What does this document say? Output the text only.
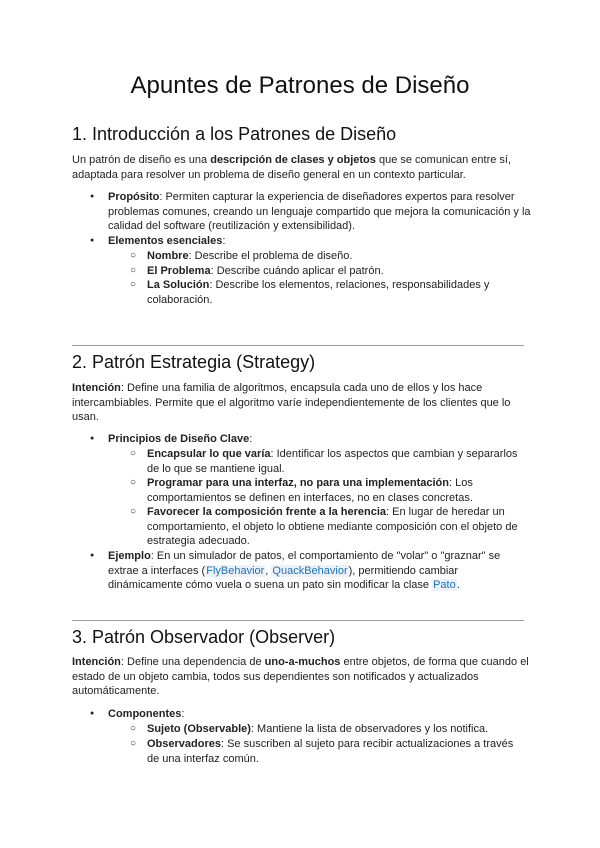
Apuntes de Patrones de Diseño
1. Introducción a los Patrones de Diseño

Un patrón de diseño es una descripción de clases y objetos que se comunican entre sí, adaptada para resolver un problema de diseño general en un contexto particular.

● Propósito: Permiten capturar la experiencia de diseñadores expertos para resolver problemas comunes, creando un lenguaje compartido que mejora la comunicación y la calidad del software (reutilización y extensibilidad).

● Elementos esenciales:

○ Nombre: Describe el problema de diseño.

○ El Problema: Describe cuándo aplicar el patrón.

○ La Solución: Describe los elementos, relaciones, responsabilidades y colaboración.

2. Patrón Estrategia (Strategy)

Intención: Define una familia de algoritmos, encapsula cada uno de ellos y los hace intercambiables. Permite que el algoritmo varíe independientemente de los clientes que lo usan.

● Principios de Diseño Clave:

○ Encapsular lo que varía: Identificar los aspectos que cambian y separarlos de lo que se mantiene igual.

○ Programar para una interfaz, no para una implementación: Los comportamientos se definen en interfaces, no en clases concretas.

○ Favorecer la composición frente a la herencia: En lugar de heredar un comportamiento, el objeto lo obtiene mediante composición con el objeto de estrategia adecuado.

● Ejemplo: En un simulador de patos, el comportamiento de "volar" o "graznar" se extrae a interfaces (FlyBehavior, QuackBehavior), permitiendo cambiar dinámicamente cómo vuela o suena un pato sin modificar la clase Pato.

3. Patrón Observador (Observer)

Intención: Define una dependencia de uno-a-muchos entre objetos, de forma que cuando el estado de un objeto cambia, todos sus dependientes son notificados y actualizados automáticamente.

● Componentes:

○ Sujeto (Observable): Mantiene la lista de observadores y los notifica.

○ Observadores: Se suscriben al sujeto para recibir actualizaciones a través de una interfaz común.
